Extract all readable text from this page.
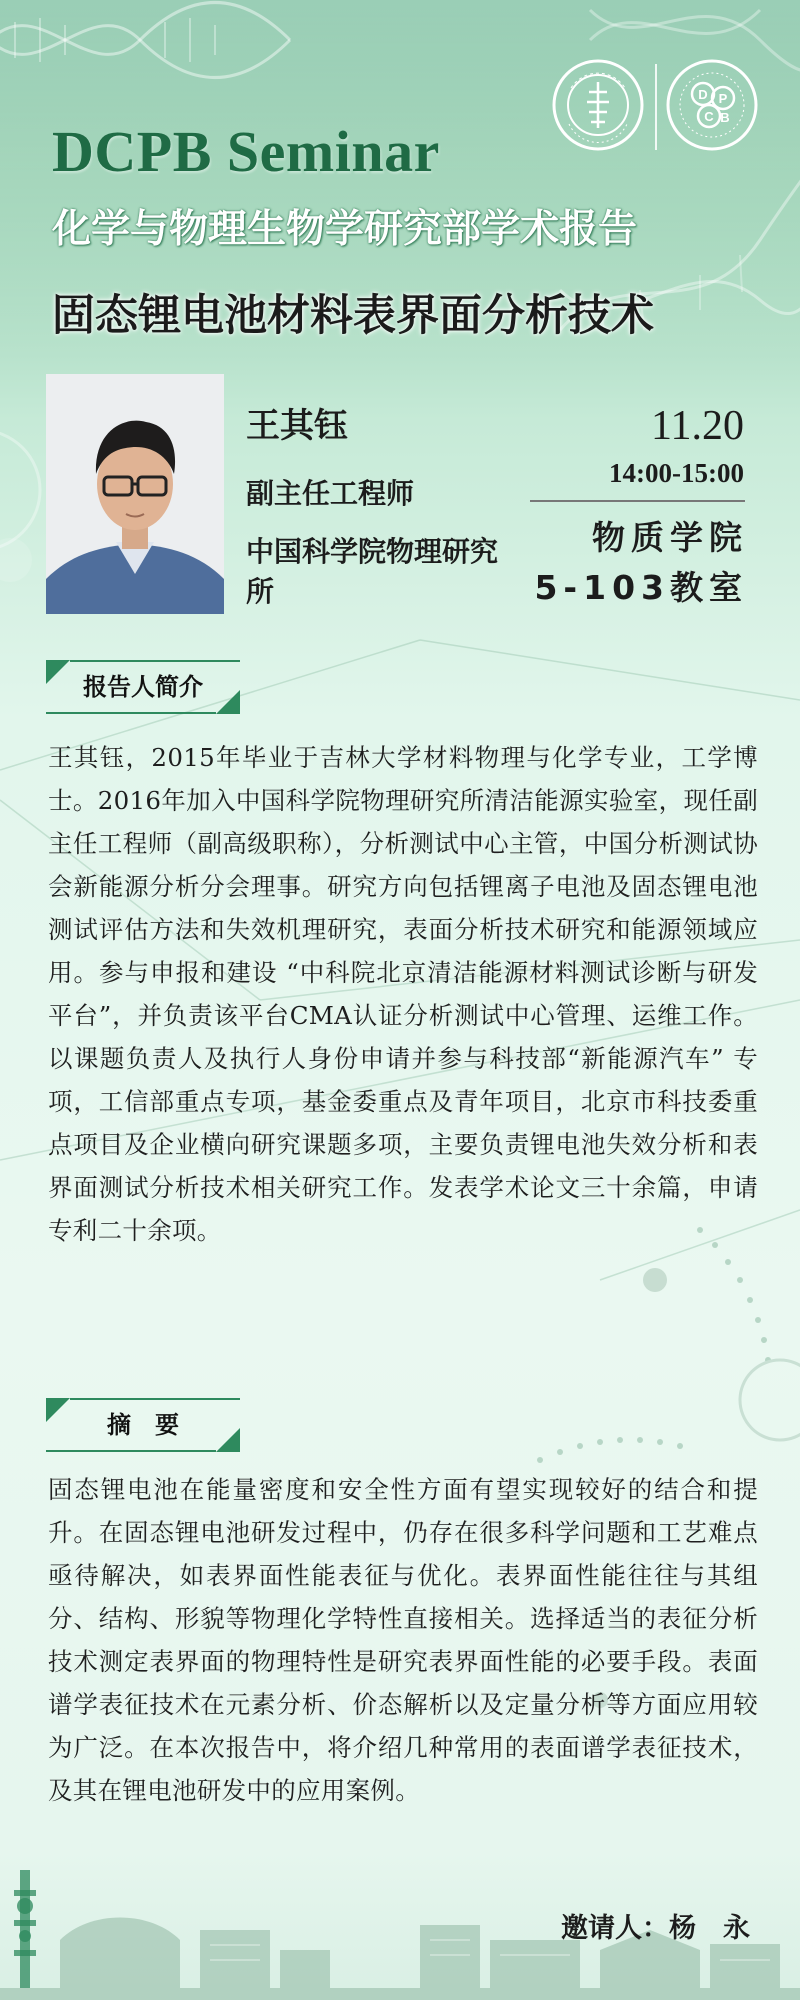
D P
C B
DCPB Seminar
化学与物理生物学研究部学术报告
固态锂电池材料表界面分析技术
王其钰
副主任工程师
中国科学院物理研究所
11.20
14:00-15:00
物质学院
5-103教室
报告人简介
王其钰，2015年毕业于吉林大学材料物理与化学专业，工学博士。2016年加入中国科学院物理研究所清洁能源实验室，现任副主任工程师（副高级职称），分析测试中心主管，中国分析测试协会新能源分析分会理事。研究方向包括锂离子电池及固态锂电池测试评估方法和失效机理研究，表面分析技术研究和能源领域应用。参与申报和建设 “中科院北京清洁能源材料测试诊断与研发平台”，并负责该平台CMA认证分析测试中心管理、运维工作。以课题负责人及执行人身份申请并参与科技部“新能源汽车” 专项，工信部重点专项，基金委重点及青年项目，北京市科技委重点项目及企业横向研究课题多项，主要负责锂电池失效分析和表界面测试分析技术相关研究工作。发表学术论文三十余篇，申请专利二十余项。
摘　要
固态锂电池在能量密度和安全性方面有望实现较好的结合和提升。在固态锂电池研发过程中，仍存在很多科学问题和工艺难点亟待解决，如表界面性能表征与优化。表界面性能往往与其组分、结构、形貌等物理化学特性直接相关。选择适当的表征分析技术测定表界面的物理特性是研究表界面性能的必要手段。表面谱学表征技术在元素分析、价态解析以及定量分析等方面应用较为广泛。在本次报告中，将介绍几种常用的表面谱学表征技术，及其在锂电池研发中的应用案例。
邀请人：杨　永
